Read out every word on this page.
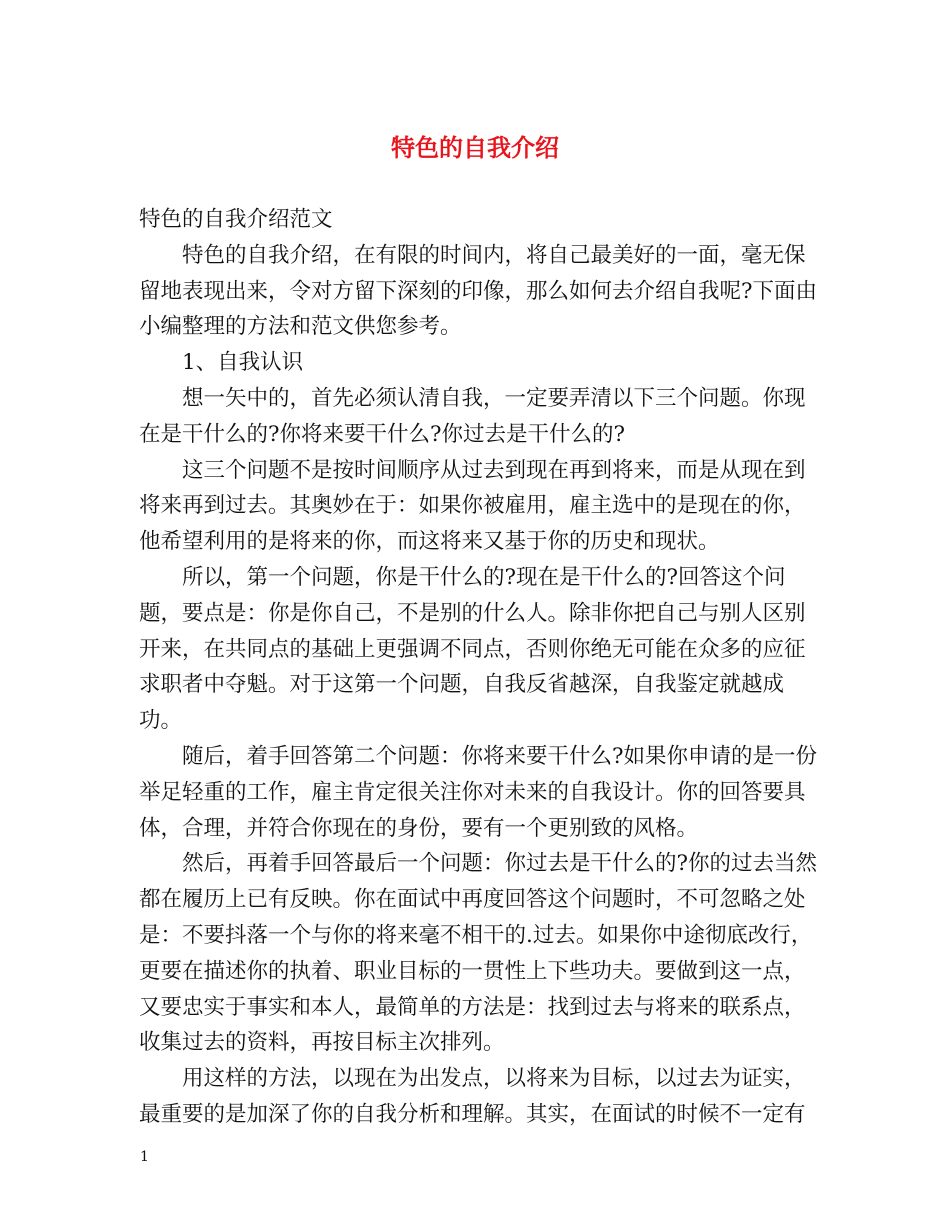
特色的自我介绍

特色的自我介绍范文

特色的自我介绍，在有限的时间内，将自己最美好的一面，毫无保留地表现出来，令对方留下深刻的印像，那么如何去介绍自我呢?下面由小编整理的方法和范文供您参考。

1、自我认识

想一矢中的，首先必须认清自我，一定要弄清以下三个问题。你现在是干什么的?你将来要干什么?你过去是干什么的?

这三个问题不是按时间顺序从过去到现在再到将来，而是从现在到将来再到过去。其奥妙在于：如果你被雇用，雇主选中的是现在的你，他希望利用的是将来的你，而这将来又基于你的历史和现状。

所以，第一个问题，你是干什么的?现在是干什么的?回答这个问题，要点是：你是你自己，不是别的什么人。除非你把自己与别人区别开来，在共同点的基础上更强调不同点，否则你绝无可能在众多的应征求职者中夺魁。对于这第一个问题，自我反省越深，自我鉴定就越成功。

随后，着手回答第二个问题：你将来要干什么?如果你申请的是一份举足轻重的工作，雇主肯定很关注你对未来的自我设计。你的回答要具体，合理，并符合你现在的身份，要有一个更别致的风格。

然后，再着手回答最后一个问题：你过去是干什么的?你的过去当然都在履历上已有反映。你在面试中再度回答这个问题时，不可忽略之处是：不要抖落一个与你的将来毫不相干的.过去。如果你中途彻底改行，更要在描述你的执着、职业目标的一贯性上下些功夫。要做到这一点，又要忠实于事实和本人，最简单的方法是：找到过去与将来的联系点，收集过去的资料，再按目标主次排列。

用这样的方法，以现在为出发点，以将来为目标，以过去为证实，最重要的是加深了你的自我分析和理解。其实，在面试的时候不一定有

1
